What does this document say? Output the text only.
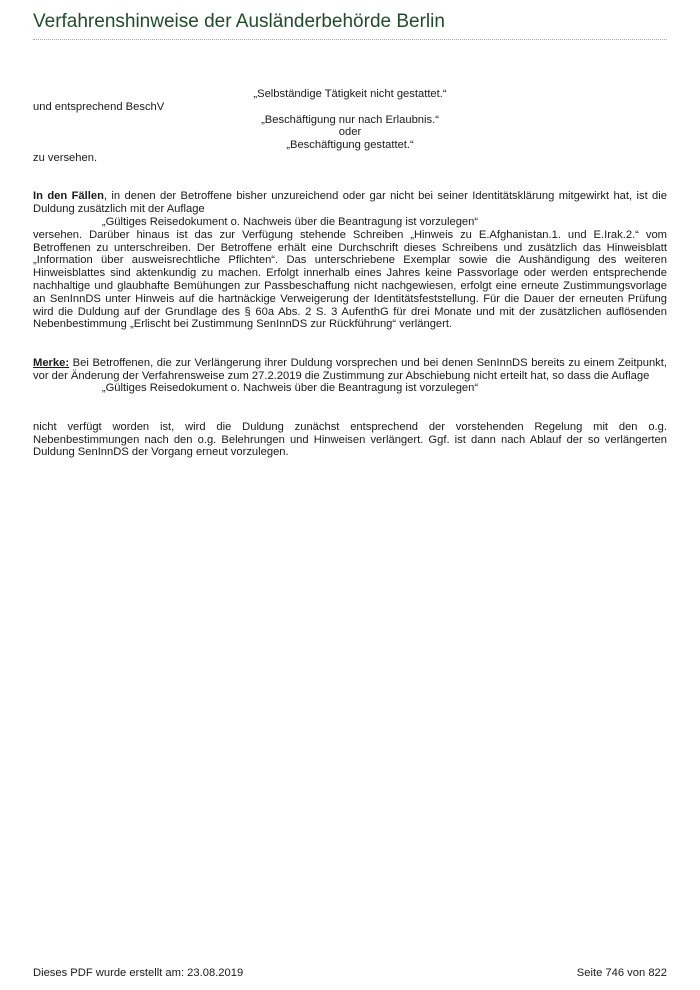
Verfahrenshinweise der Ausländerbehörde Berlin
„Selbständige Tätigkeit nicht gestattet.“
und entsprechend BeschV
„Beschäftigung nur nach Erlaubnis.“
oder
„Beschäftigung gestattet.“
zu versehen.
In den Fällen, in denen der Betroffene bisher unzureichend oder gar nicht bei seiner Identitätsklärung mitgewirkt hat, ist die Duldung zusätzlich mit der Auflage
„Gültiges Reisedokument o. Nachweis über die Beantragung ist vorzulegen“
versehen. Darüber hinaus ist das zur Verfügung stehende Schreiben „Hinweis zu E.Afghanistan.1. und E.Irak.2.“ vom Betroffenen zu unterschreiben. Der Betroffene erhält eine Durchschrift dieses Schreibens und zusätzlich das Hinweisblatt „Information über ausweisrechtliche Pflichten“. Das unterschriebene Exemplar sowie die Aushändigung des weiteren Hinweisblattes sind aktenkundig zu machen. Erfolgt innerhalb eines Jahres keine Passvorlage oder werden entsprechende nachhaltige und glaubhafte Bemühungen zur Passbeschaffung nicht nachgewiesen, erfolgt eine erneute Zustimmungsvorlage an SenInnDS unter Hinweis auf die hartnäckige Verweigerung der Identitätsfeststellung. Für die Dauer der erneuten Prüfung wird die Duldung auf der Grundlage des § 60a Abs. 2 S. 3 AufenthG für drei Monate und mit der zusätzlichen auflösenden Nebenbestimmung „Erlischt bei Zustimmung SenInnDS zur Rückführung“ verlängert.
Merke: Bei Betroffenen, die zur Verlängerung ihrer Duldung vorsprechen und bei denen SenInnDS bereits zu einem Zeitpunkt, vor der Änderung der Verfahrensweise zum 27.2.2019 die Zustimmung zur Abschiebung nicht erteilt hat, so dass die Auflage
„Gültiges Reisedokument o. Nachweis über die Beantragung ist vorzulegen“
nicht verfügt worden ist, wird die Duldung zunächst entsprechend der vorstehenden Regelung mit den o.g. Nebenbestimmungen nach den o.g. Belehrungen und Hinweisen verlängert. Ggf. ist dann nach Ablauf der so verlängerten Duldung SenInnDS der Vorgang erneut vorzulegen.
Dieses PDF wurde erstellt am: 23.08.2019	Seite 746 von 822
